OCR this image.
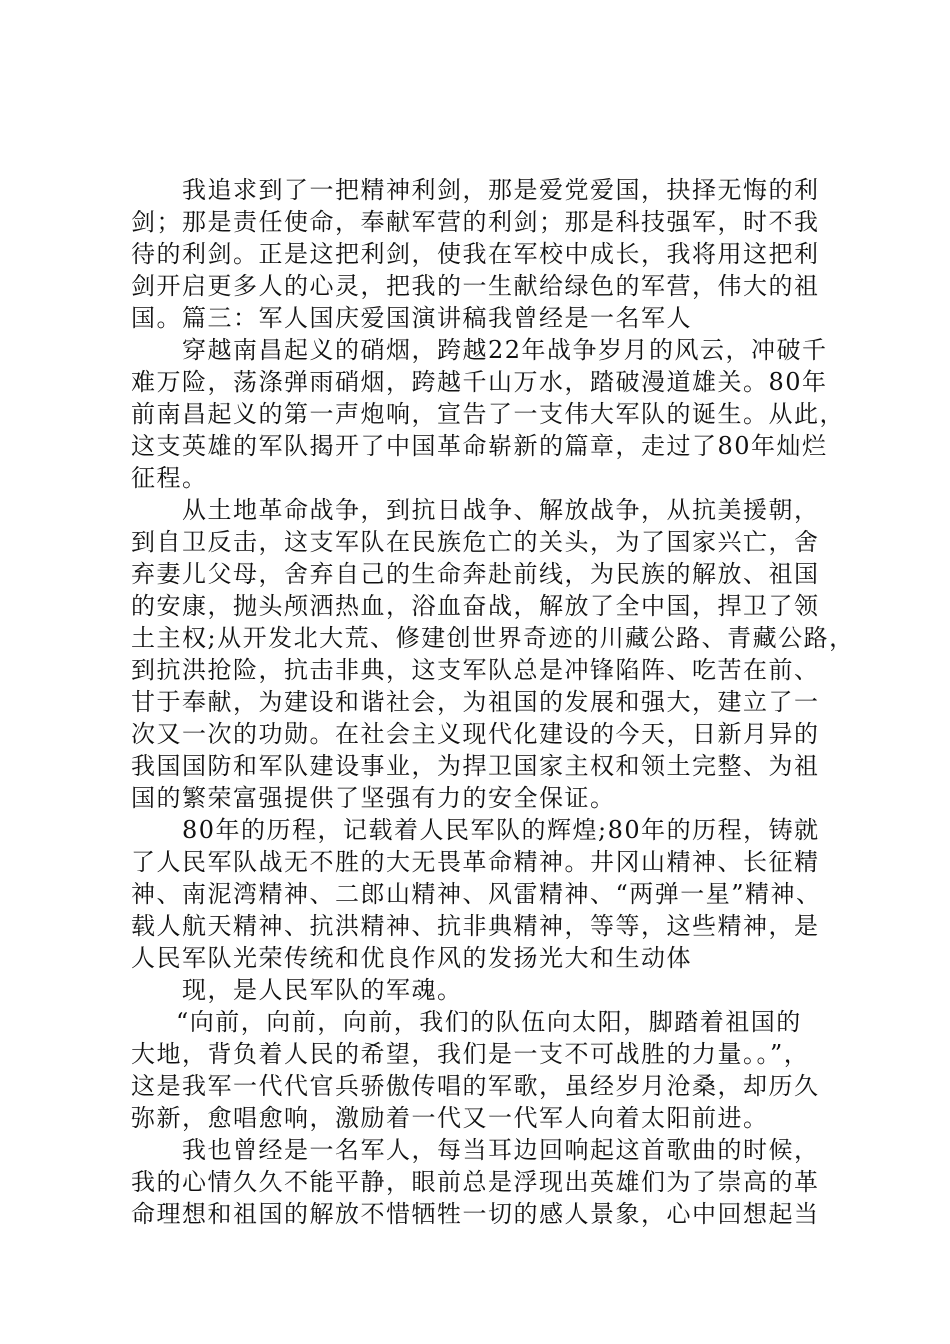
我追求到了一把精神利剑，那是爱党爱国，抉择无悔的利
剑；那是责任使命，奉献军营的利剑；那是科技强军，时不我
待的利剑。正是这把利剑，使我在军校中成长，我将用这把利
剑开启更多人的心灵，把我的一生献给绿色的军营，伟大的祖
国。篇三：军人国庆爱国演讲稿我曾经是一名军人
穿越南昌起义的硝烟，跨越22年战争岁月的风云，冲破千
难万险，荡涤弹雨硝烟，跨越千山万水，踏破漫道雄关。80年
前南昌起义的第一声炮响，宣告了一支伟大军队的诞生。从此，
这支英雄的军队揭开了中国革命崭新的篇章，走过了80年灿烂
征程。
从土地革命战争，到抗日战争、解放战争，从抗美援朝，
到自卫反击，这支军队在民族危亡的关头，为了国家兴亡，舍
弃妻儿父母，舍弃自己的生命奔赴前线，为民族的解放、祖国
的安康，抛头颅洒热血，浴血奋战，解放了全中国，捍卫了领
土主权;从开发北大荒、修建创世界奇迹的川藏公路、青藏公路，
到抗洪抢险，抗击非典，这支军队总是冲锋陷阵、吃苦在前、
甘于奉献，为建设和谐社会，为祖国的发展和强大，建立了一
次又一次的功勋。在社会主义现代化建设的今天，日新月异的
我国国防和军队建设事业，为捍卫国家主权和领土完整、为祖
国的繁荣富强提供了坚强有力的安全保证。
80年的历程，记载着人民军队的辉煌;80年的历程，铸就
了人民军队战无不胜的大无畏革命精神。井冈山精神、长征精
神、南泥湾精神、二郎山精神、风雷精神、“两弹一星”精神、
载人航天精神、抗洪精神、抗非典精神，等等，这些精神，是
人民军队光荣传统和优良作风的发扬光大和生动体
现，是人民军队的军魂。
“向前，向前，向前，我们的队伍向太阳，脚踏着祖国的
大地，背负着人民的希望，我们是一支不可战胜的力量。。”，
这是我军一代代官兵骄傲传唱的军歌，虽经岁月沧桑，却历久
弥新，愈唱愈响，激励着一代又一代军人向着太阳前进。
我也曾经是一名军人，每当耳边回响起这首歌曲的时候，
我的心情久久不能平静，眼前总是浮现出英雄们为了崇高的革
命理想和祖国的解放不惜牺牲一切的感人景象，心中回想起当
